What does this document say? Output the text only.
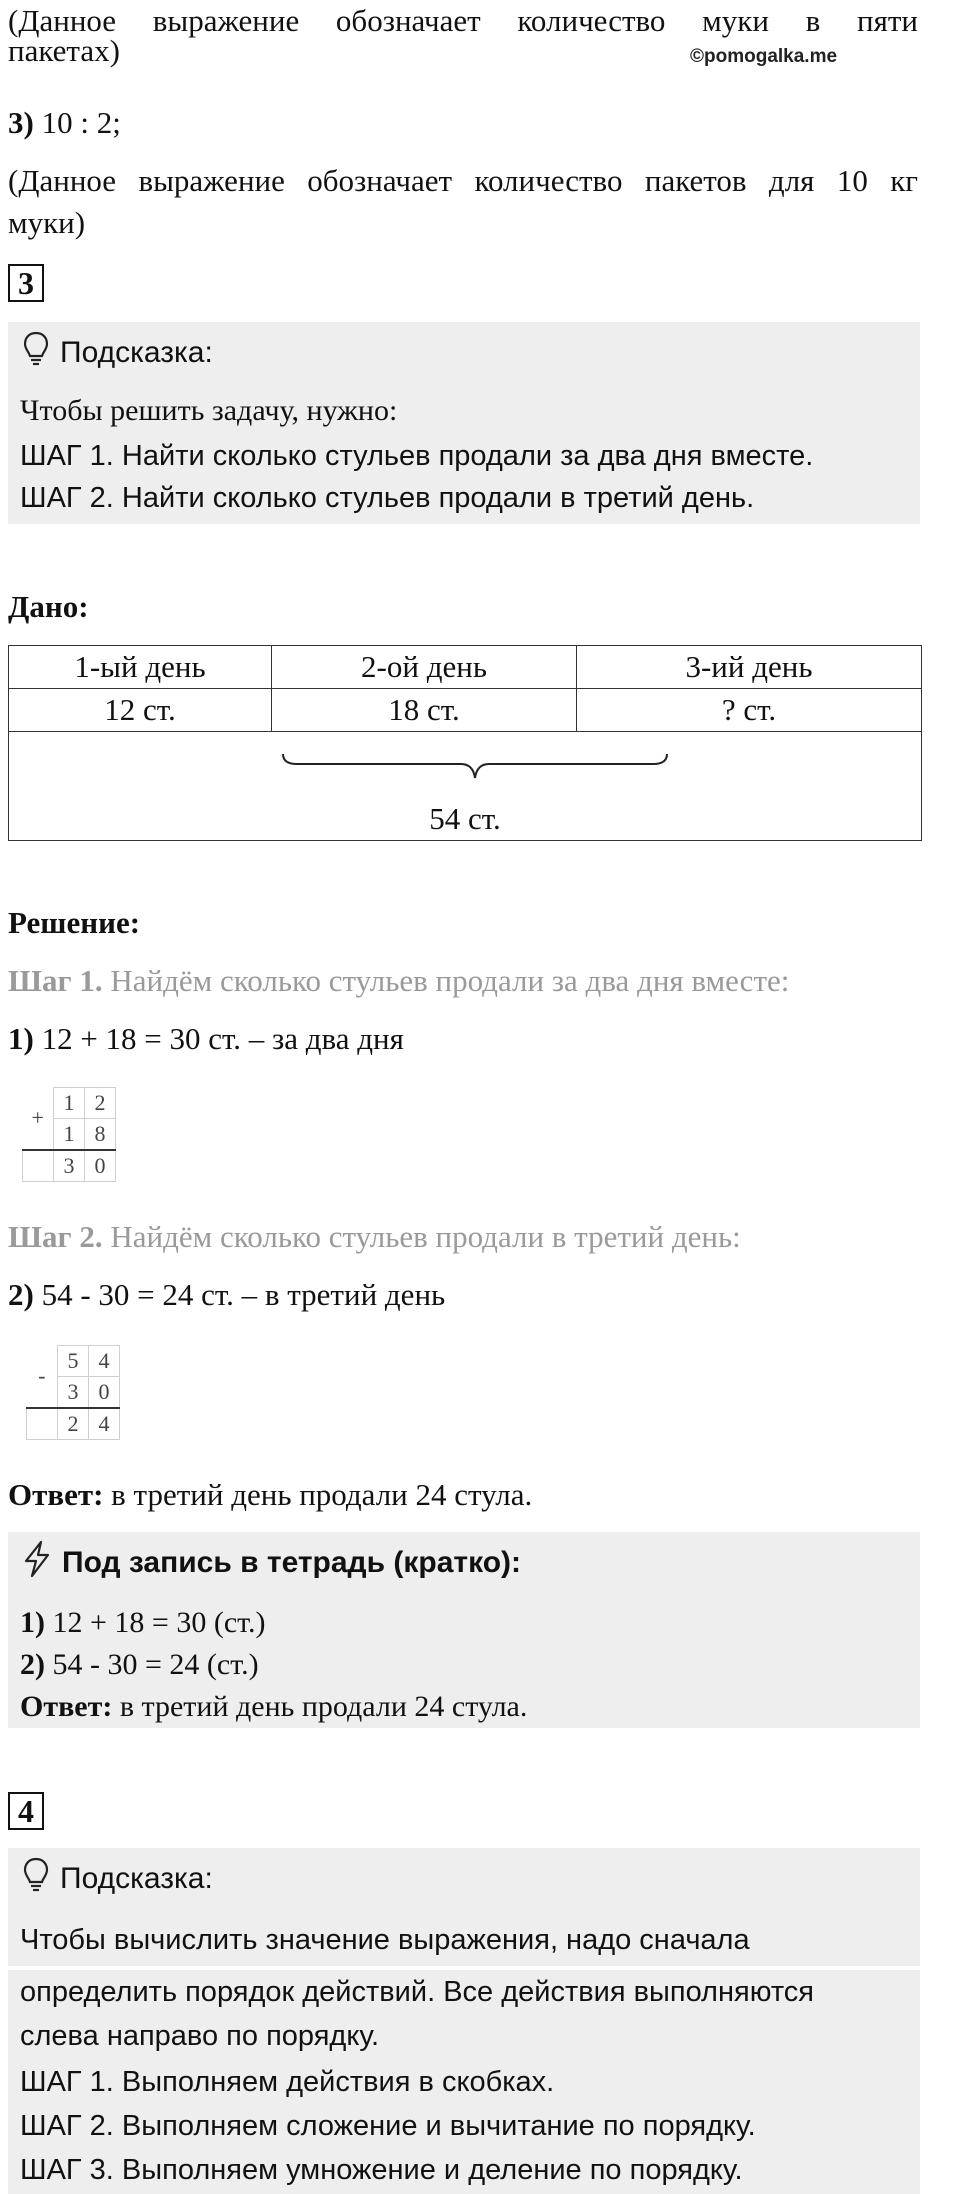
(Данное выражение обозначает количество муки в пяти
пакетах)	©pomogalka.me
3) 10 : 2;
(Данное выражение обозначает количество пакетов для 10 кг
муки)
3
Подсказка:
Чтобы решить задачу, нужно:
ШАГ 1. Найти сколько стульев продали за два дня вместе.
ШАГ 2. Найти сколько стульев продали в третий день.
Дано:
1-ый день	2-ой день	3-ий день
12 ст.	18 ст.	? ст.

54 ст.		
Решение:
Шаг 1. Найдём сколько стульев продали за два дня вместе:
1) 12 + 18 = 30 ст. – за два дня
+	1	2
	1	8
	3	0
Шаг 2. Найдём сколько стульев продали в третий день:
2) 54 - 30 = 24 ст. – в третий день
-	5	4
	3	0
	2	4
Ответ: в третий день продали 24 стула.
Под запись в тетрадь (кратко):
1) 12 + 18 = 30 (ст.)
2) 54 - 30 = 24 (ст.)
Ответ: в третий день продали 24 стула.
4
Подсказка:
Чтобы вычислить значение выражения, надо сначала
определить порядок действий. Все действия выполняются
слева направо по порядку.
ШАГ 1. Выполняем действия в скобках.
ШАГ 2. Выполняем сложение и вычитание по порядку.
ШАГ 3. Выполняем умножение и деление по порядку.
